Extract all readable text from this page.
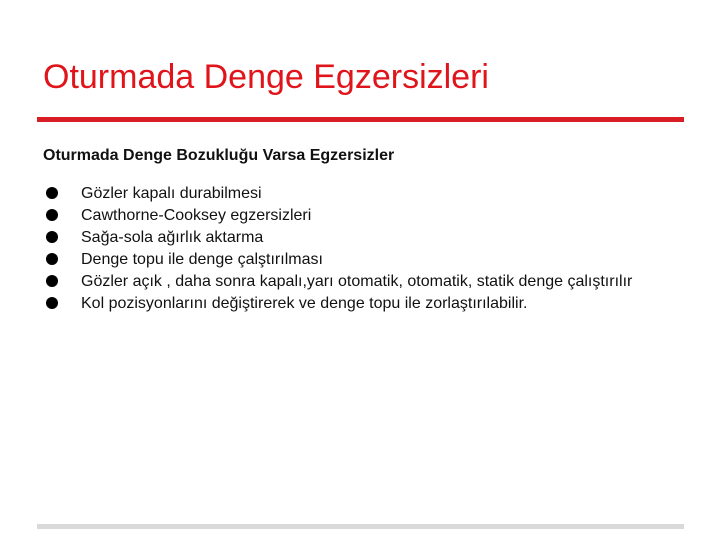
Oturmada Denge Egzersizleri
Oturmada Denge Bozukluğu Varsa Egzersizler
Gözler kapalı durabilmesi
Cawthorne-Cooksey egzersizleri
Sağa-sola ağırlık aktarma
Denge topu ile denge çalştırılması
Gözler açık , daha sonra kapalı,yarı otomatik, otomatik, statik denge çalıştırılır
Kol pozisyonlarını değiştirerek ve denge topu ile zorlaştırılabilir.
